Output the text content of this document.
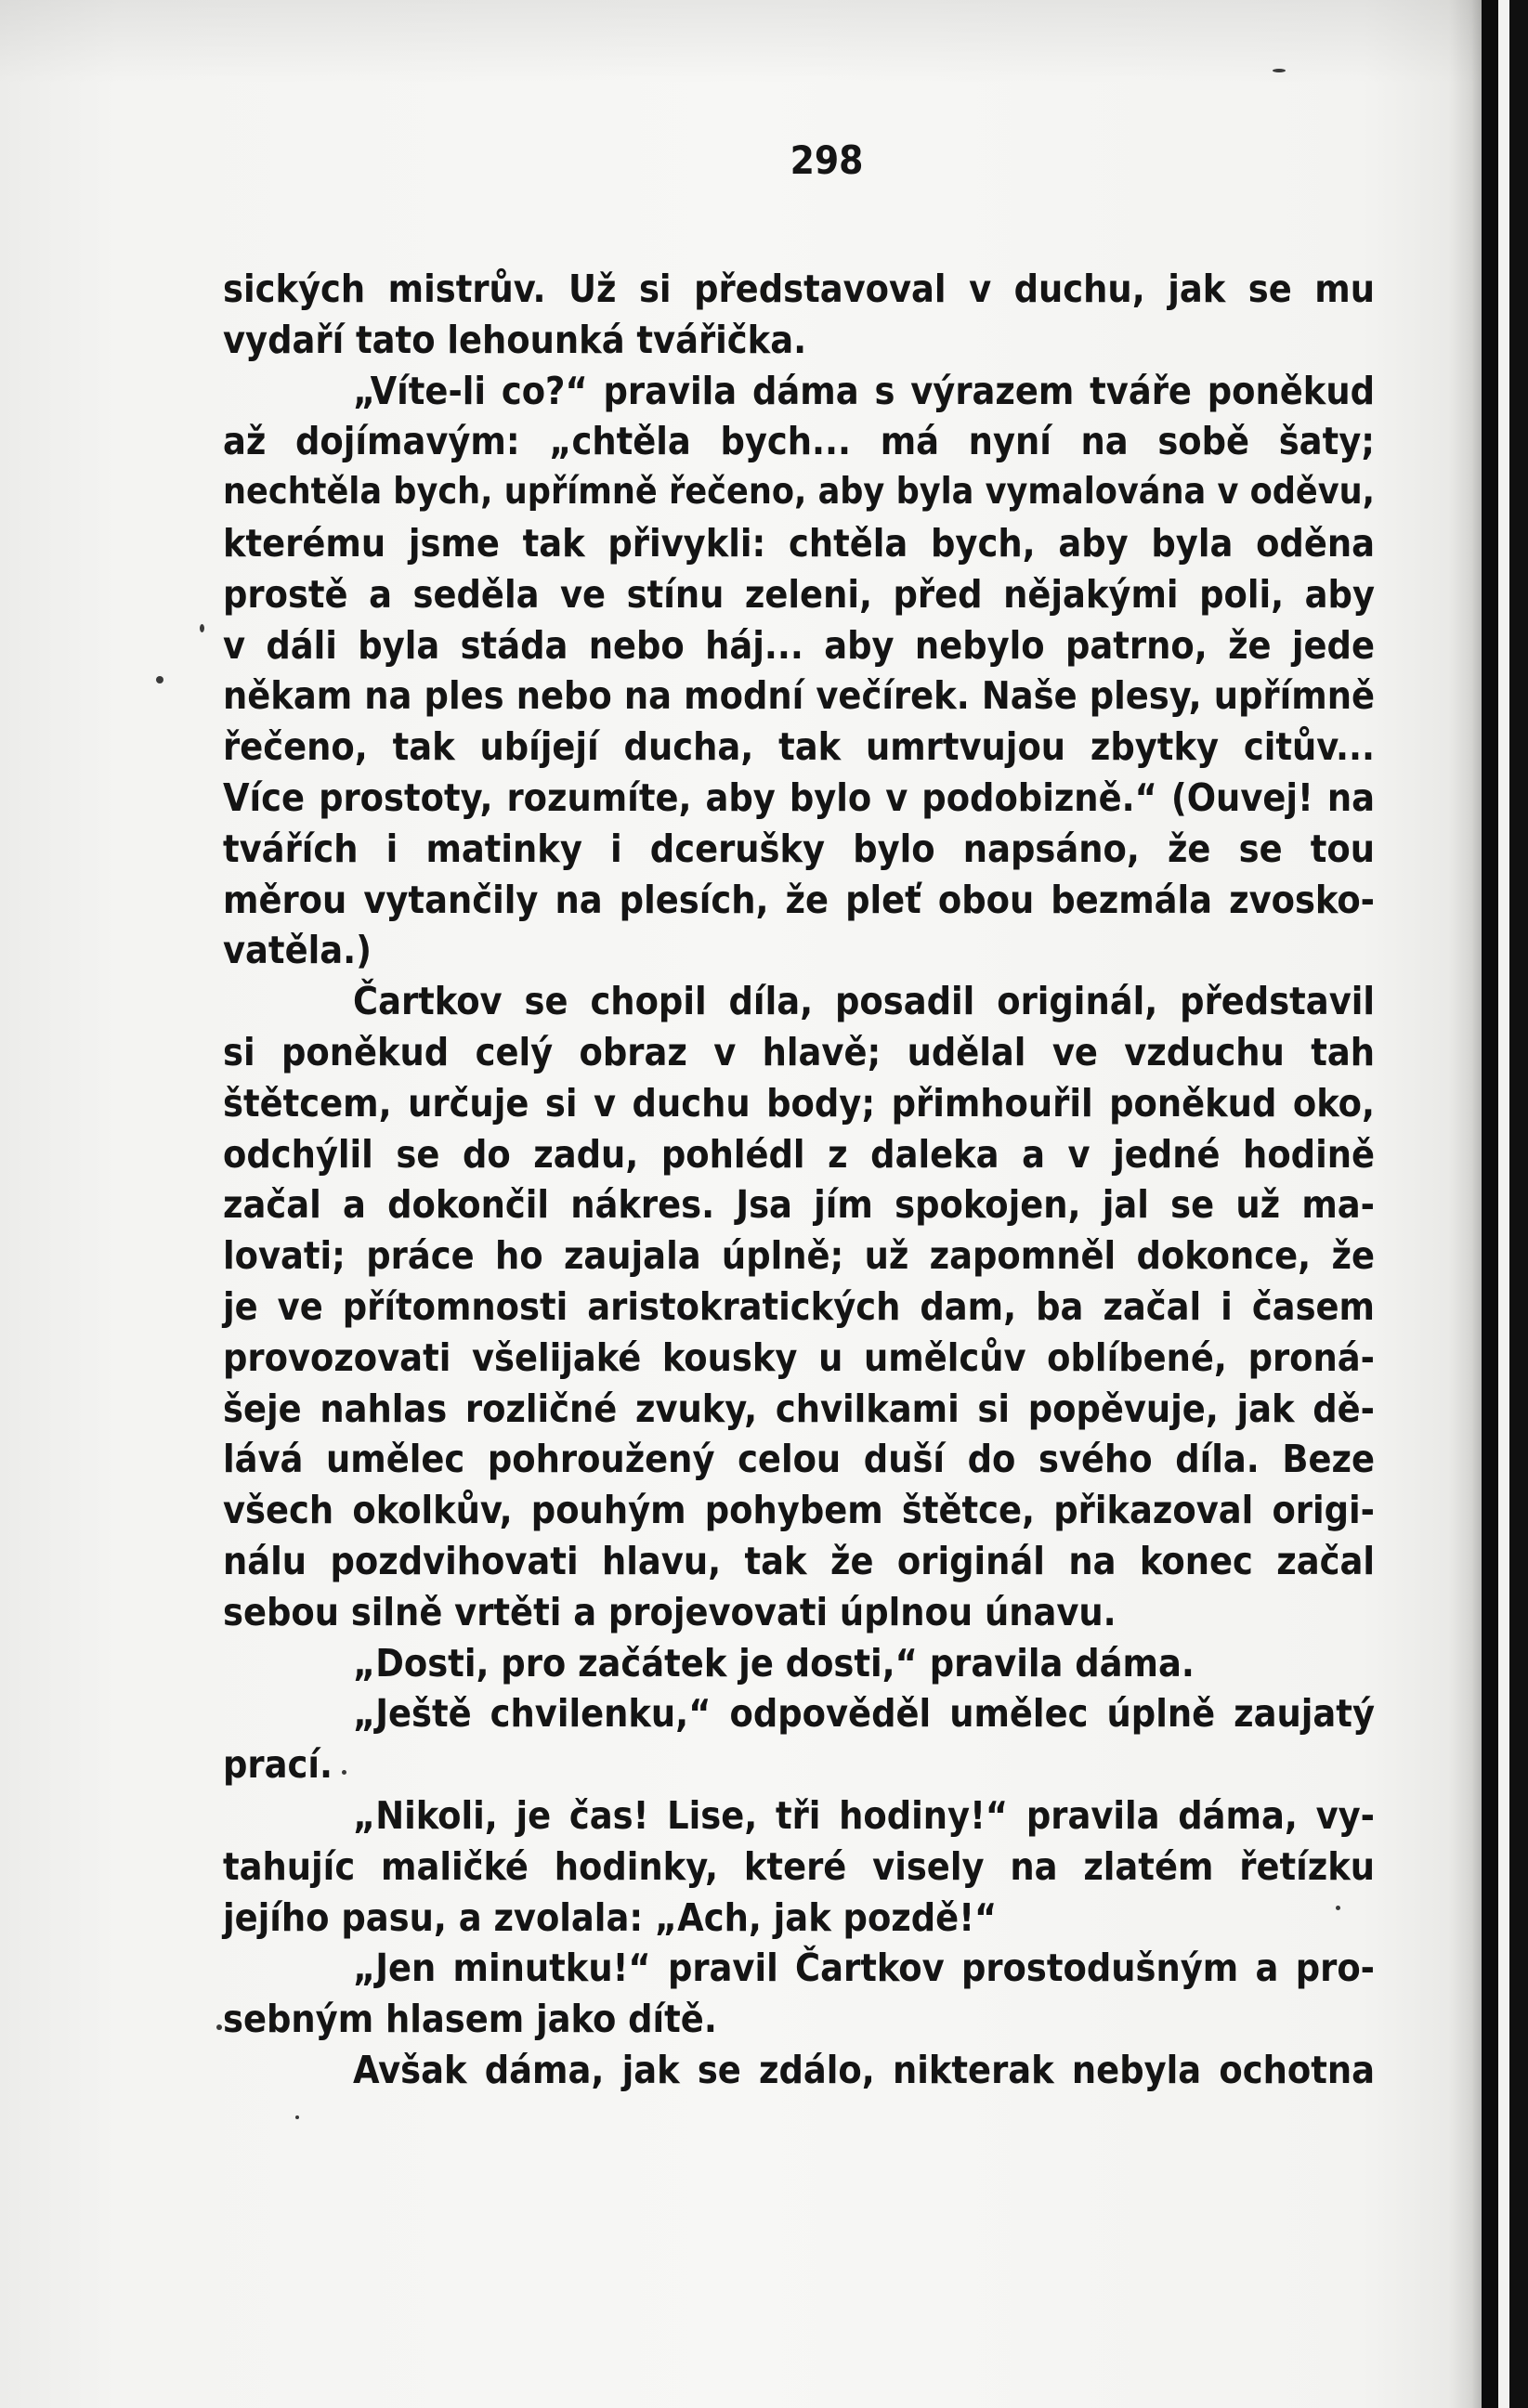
298
sických mistrův. Už si představoval v duchu, jak se mu
vydaří tato lehounká tvářička.
„Víte-li co?“ pravila dáma s výrazem tváře poněkud
až dojímavým: „chtěla bych... má nyní na sobě šaty;
nechtěla bych, upřímně řečeno, aby byla vymalována v oděvu,
kterému jsme tak přivykli: chtěla bych, aby byla oděna
prostě a seděla ve stínu zeleni, před nějakými poli, aby
v dáli byla stáda nebo háj... aby nebylo patrno, že jede
někam na ples nebo na modní večírek. Naše plesy, upřímně
řečeno, tak ubíjejí ducha, tak umrtvujou zbytky citův...
Více prostoty, rozumíte, aby bylo v podobizně.“ (Ouvej! na
tvářích i matinky i dcerušky bylo napsáno, že se tou
měrou vytančily na plesích, že pleť obou bezmála zvosko-
vatěla.)
Čartkov se chopil díla, posadil originál, představil
si poněkud celý obraz v hlavě; udělal ve vzduchu tah
štětcem, určuje si v duchu body; přimhouřil poněkud oko,
odchýlil se do zadu, pohlédl z daleka a v jedné hodině
začal a dokončil nákres. Jsa jím spokojen, jal se už ma-
lovati; práce ho zaujala úplně; už zapomněl dokonce, že
je ve přítomnosti aristokratických dam, ba začal i časem
provozovati všelijaké kousky u umělcův oblíbené, proná-
šeje nahlas rozličné zvuky, chvilkami si popěvuje, jak dě-
lává umělec pohroužený celou duší do svého díla. Beze
všech okolkův, pouhým pohybem štětce, přikazoval origi-
nálu pozdvihovati hlavu, tak že originál na konec začal
sebou silně vrtěti a projevovati úplnou únavu.
„Dosti, pro začátek je dosti,“ pravila dáma.
„Ještě chvilenku,“ odpověděl umělec úplně zaujatý
prací.
„Nikoli, je čas! Lise, tři hodiny!“ pravila dáma, vy-
tahujíc maličké hodinky, které visely na zlatém řetízku
jejího pasu, a zvolala: „Ach, jak pozdě!“
„Jen minutku!“ pravil Čartkov prostodušným a pro-
sebným hlasem jako dítě.
Avšak dáma, jak se zdálo, nikterak nebyla ochotna
